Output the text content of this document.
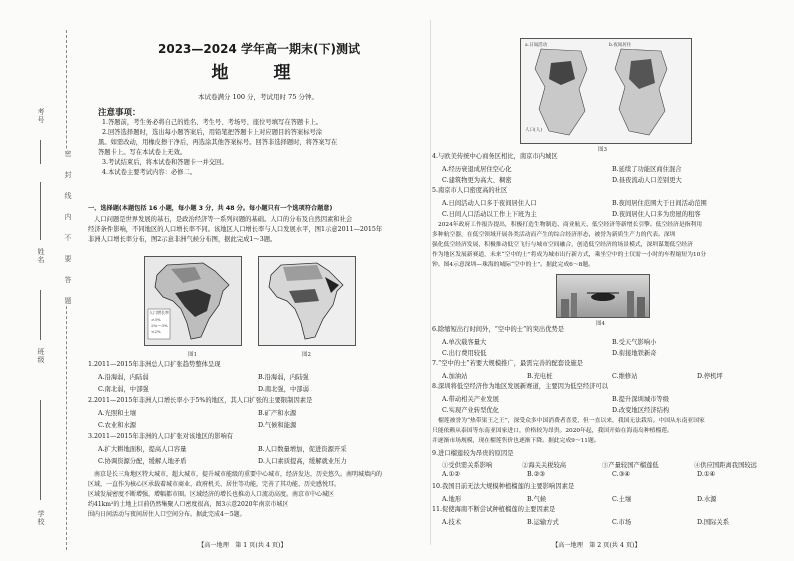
考号
姓名
班级
学校
密　　封　　线　　内　　不　　要　　答　　题
2023—2024 学年高一期末(下)测试
地　理
本试卷满分 100 分，考试用时 75 分钟。
注意事项：
1.答题前，考生务必将自己的姓名、考生号、考场号、座位号填写在答题卡上。
2.回答选择题时，选出每小题答案后，用铅笔把答题卡上对应题目的答案标号涂
黑。如需改动，用橡皮擦干净后，再选涂其他答案标号。回答非选择题时，将答案写在
答题卡上。写在本试卷上无效。
3.考试结束后，将本试卷和答题卡一并交回。
4.本试卷主要考试内容：必修二。
一、选择题(本题包括 16 小题，每小题 3 分，共 48 分。每小题只有一个选项符合题意)
人口问题是世界发展的基石，是政治经济等一系列问题的基础。人口的分布及自然因素和社会
经济条件影响，不同地区的人口增长率不同。该地区人口增长率与人口发展水平，图1示意2011—2015年
非洲人口增长率分布，图2示意非洲气候分布图，据此完成1～3题。
人口增长率
>3%
2%～3%
<2%
图1	图2
1.2011—2015年非洲总人口扩张趋势整体呈现
A.沿海弱，内陆弱	B.沿海弱，内陆强
C.南北弱，中部强	D.南北强，中部弱
2.2011—2015年非洲人口增长率小于5%的地区，其人口扩张的主要限制因素是
A.光照和土壤	B.矿产和水源
C.农业和水源	D.气候和能源
3.2011—2015年非洲的人口扩张对该地区的影响有
A.扩大耕地面积，提高人口容量	B.人口数量增加，促进资源开采
C.协调资源分配，缓解人地矛盾	D.人口素质提高，缓解就业压力
南京是长三角地区特大城市，超大城市，提升城市能级的重要中心城市，经济发达、历史悠久。南明城墙内的
区域，一直作为核心区承载着城市商业、政府机关、居住等功能，完善了其功能、历史感悦耳。
区域发展密度不断增强，增幅都市圈。区域经济的增长也推动人口流动高度。南京市中心城区
约41km²的土地上目前仍然集聚人口密度很高，图3示意2020年南京市城区
围内日间活动与夜间居住人口空间分布。据此完成4～5题。
【高一地理　第 1 页(共 4 页)】
a.日间活动	b.夜间居住
人口(人)
图3
4.与欧美传统中心商务区相比，南京市内城区
A.经历衰退成居住空心化	B.延续了功能区商住混合
C.建筑物更为高大、稠密	D.昼夜流动人口差别更大
5.南京市人口密度高的社区
A.日间活动人口多于夜间居住人口	B.夜间居住范围大于日间活动范围
C.日间人口活动以工作上下班为主	D.夜间居住人口多为房屋的租客
2024年政府工作报告提出，积极打造生物制造、商业航天、低空经济等新增长引擎。低空经济是指利用
多种航空器，在低空领域开展各类活动而产生的综合经济形态，被誉为新质生产力的代表。深圳
强化低空经济发展，积极推动低空飞行与城市空间融合，创造低空经济的场景模式，深圳谋划低空经济
作为地区发展新赛道，未来“空中的士”将成为城市出行新方式，乘坐空中的士仅需一小时的车程缩短为10分
钟。图4示意深圳—珠海的城际“空中的士”。据此完成6～8题。
图4
6.除缩短出行时间外，“空中的士”的突出优势是
A.单次载客量大	B.受天气影响小
C.出行费用较低	D.衔接地铁新奇
7.“空中的士”若要大规模推广，最需完善的配套设施是
A.加油站	B.充电桩	C.维修站	D.停机坪
8.深圳将低空经济作为地区发展新赛道，主要因为低空经济可以
A.带动相关产业发展	B.提升深圳城市等级
C.实现产业转型优化	D.改变地区经济结构
榴莲被誉为“热带果王之王”，深受众多中国消费者喜爱，但一直以来，我国无法栽培。中国从东南亚国家
只能依赖从泰国等东南亚国家进口，价格较为昂贵。2020年起，我国开始在海南岛种植榴莲。
并逐渐市场规模，现在榴莲售价也逐渐下降。据此完成9～11题。
9.进口榴莲较为昂贵的原因是
①受供需关系影响	②海关关税较高	③产量较国产榴莲低	④供应国距离我国较远
A.①②	B.②③	C.③④	D.①④
10.我国目前无法大规模种植榴莲的主要影响因素是
A.地形	B.气候	C.土壤	D.水源
11.促使海南不断尝试种植榴莲的主要因素是
A.技术	B.运输方式	C.市场	D.国际关系
【高一地理　第 2 页(共 4 页)】
